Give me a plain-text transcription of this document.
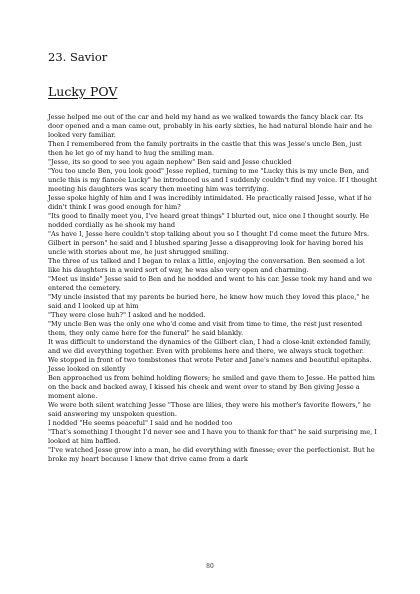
23. Savior
Lucky POV

Jesse helped me out of the car and held my hand as we walked towards the fancy black car. Its door opened and a man came out, probably in his early sixties, he had natural blonde hair and he looked very familiar.

Then I remembered from the family portraits in the castle that this was Jesse's uncle Ben, just then he let go of my hand to hug the smiling man.

"Jesse, its so good to see you again nephew" Ben said and Jesse chuckled

"You too uncle Ben, you look good" Jesse replied, turning to me "Lucky this is my uncle Ben, and uncle this is my fiancée Lucky" he introduced us and I suddenly couldn't find my voice. If I thought meeting his daughters was scary then meeting him was terrifying.

Jesse spoke highly of him and I was incredibly intimidated. He practically raised Jesse, what if he didn't think I was good enough for him?

"Its good to finally meet you, I've heard great things" I blurted out, nice one I thought sourly. He nodded cordially as he shook my hand

"As have I, Jesse here couldn't stop talking about you so I thought I'd come meet the future Mrs. Gilbert in person" he said and I blushed sparing Jesse a disapproving look for having bored his uncle with stories about me, he just shrugged smiling.

The three of us talked and I began to relax a little, enjoying the conversation. Ben seemed a lot like his daughters in a weird sort of way, he was also very open and charming.

"Meet us inside" Jesse said to Ben and he nodded and went to his car. Jesse took my hand and we entered the cemetery.

"My uncle insisted that my parents be buried here, he knew how much they loved this place," he said and I looked up at him

"They were close huh?" I asked and he nodded.

"My uncle Ben was the only one who'd come and visit from time to time, the rest just resented them, they only came here for the funeral" he said blankly.

It was difficult to understand the dynamics of the Gilbert clan, I had a close-knit extended family, and we did everything together. Even with problems here and there, we always stuck together.

We stopped in front of two tombstones that wrote Peter and Jane's names and beautiful epitaphs. Jesse looked on silently

Ben approached us from behind holding flowers; he smiled and gave them to Jesse. He patted him on the back and backed away, I kissed his cheek and went over to stand by Ben giving Jesse a moment alone.

We were both silent watching Jesse "Those are lilies, they were his mother's favorite flowers," he said answering my unspoken question.

I nodded "He seems peaceful" I said and he nodded too

"That's something I thought I'd never see and I have you to thank for that" he said surprising me, I looked at him baffled.

"I've watched Jesse grow into a man, he did everything with finesse; ever the perfectionist. But he broke my heart because I knew that drive came from a dark

80
